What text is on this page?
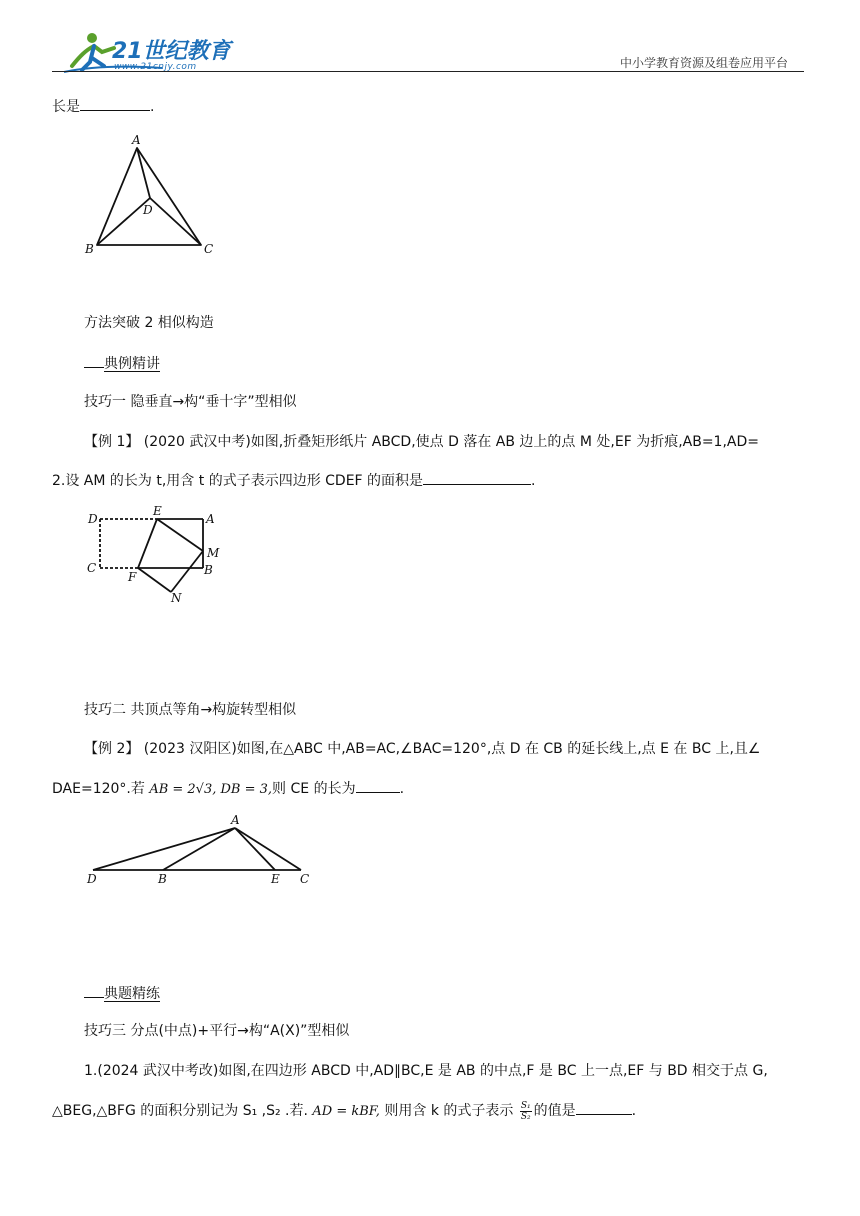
21世纪教育
www.21cnjy.com	中小学教育资源及组卷应用平台
长是	.
A
B	C
D
方法突破 2 相似构造
典例精讲
技巧一 隐垂直→构“垂十字”型相似
【例 1】 (2020 武汉中考)如图,折叠矩形纸片 ABCD,使点 D 落在 AB 边上的点 M 处,EF 为折痕,AB=1,AD=
2.设 AM 的长为 t,用含 t 的式子表示四边形 CDEF 的面积是	.
D
E
A
M
C
F	B
N
技巧二 共顶点等角→构旋转型相似
【例 2】 (2023 汉阳区)如图,在△ABC 中,AB=AC,∠BAC=120°,点 D 在 CB 的延长线上,点 E 在 BC 上,且∠
DAE=120°.若 AB = 2√3, DB = 3,则 CE 的长为	.
A
D	B	E C
典题精练
技巧三 分点(中点)+平行→构“A(X)”型相似
1.(2024 武汉中考改)如图,在四边形 ABCD 中,AD∥BC,E 是 AB 的中点,F 是 BC 上一点,EF 与 BD 相交于点 G,
△BEG,△BFG 的面积分别记为 S₁ ,S₂ .若. AD = kBF, 则用含 k 的式子表示 $\frac{\text{S₁}}{\text{S₂}}$ 的值是	.
